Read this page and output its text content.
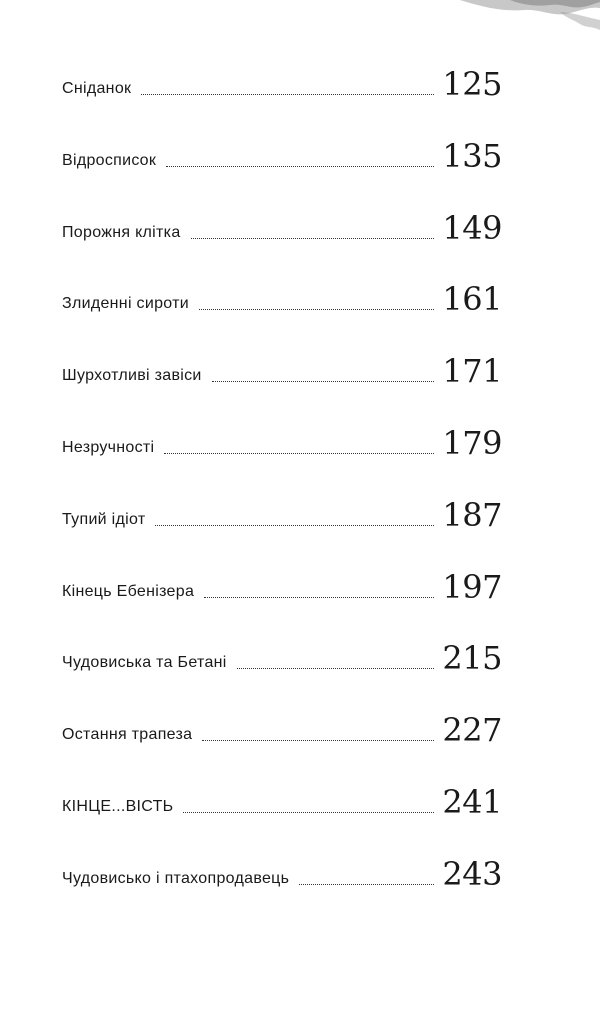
Сніданок	125
Відроспиcок	135
Порожня клітка	149
Злиденні сироти	161
Шурхотливі завіси	171
Незручності	179
Тупий ідіот	187
Кінець Ебенізера	197
Чудовиська та Бетані	215
Остання трапеза	227
КІНЦЕ...ВІСТЬ	241
Чудовисько і птахопродавець	243
